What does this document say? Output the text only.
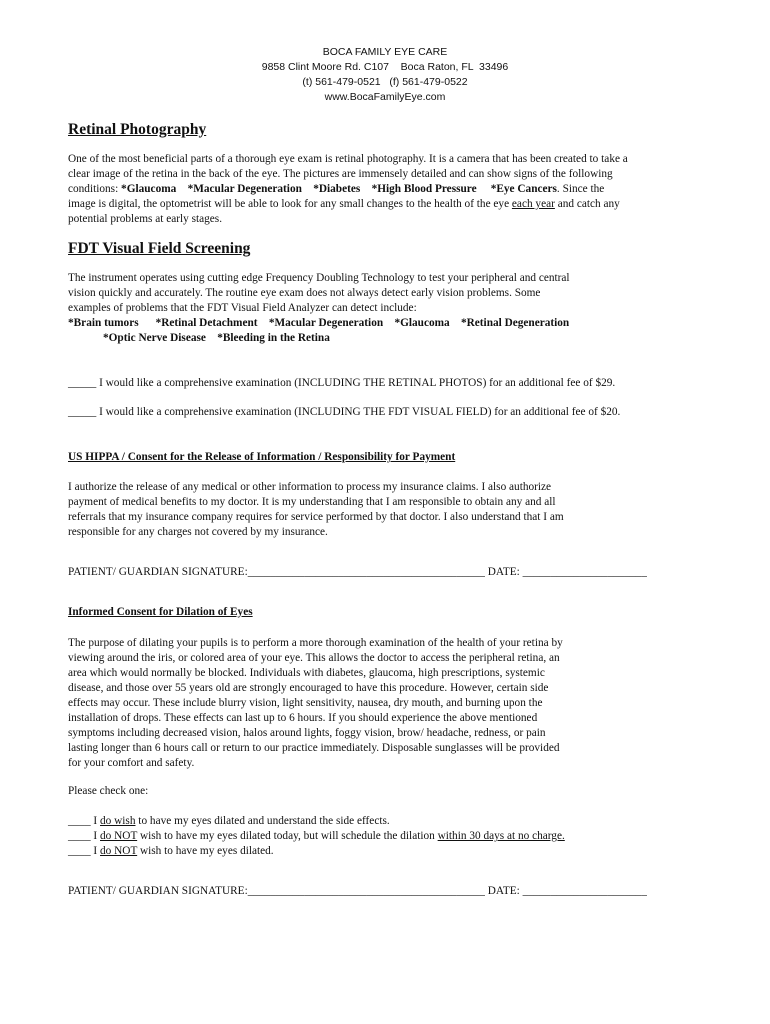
BOCA FAMILY EYE CARE
9858 Clint Moore Rd. C107    Boca Raton, FL  33496
(t) 561-479-0521   (f) 561-479-0522
www.BocaFamilyEye.com
Retinal Photography
One of the most beneficial parts of a thorough eye exam is retinal photography. It is a camera that has been created to take a
clear image of the retina in the back of the eye. The pictures are immensely detailed and can show signs of the following
conditions: *Glaucoma *Macular Degeneration *Diabetes *High Blood Pressure *Eye Cancers. Since the
image is digital, the optometrist will be able to look for any small changes to the health of the eye each year and catch any
potential problems at early stages.
FDT Visual Field Screening
The instrument operates using cutting edge Frequency Doubling Technology to test your peripheral and central
vision quickly and accurately. The routine eye exam does not always detect early vision problems. Some
examples of problems that the FDT Visual Field Analyzer can detect include:
*Brain tumors *Retinal Detachment *Macular Degeneration *Glaucoma *Retinal Degeneration
*Optic Nerve Disease *Bleeding in the Retina
_____ I would like a comprehensive examination (INCLUDING THE RETINAL PHOTOS) for an additional fee of $29.
_____ I would like a comprehensive examination (INCLUDING THE FDT VISUAL FIELD) for an additional fee of $20.
US HIPPA / Consent for the Release of Information / Responsibility for Payment
I authorize the release of any medical or other information to process my insurance claims. I also authorize
payment of medical benefits to my doctor. It is my understanding that I am responsible to obtain any and all
referrals that my insurance company requires for service performed by that doctor. I also understand that I am
responsible for any charges not covered by my insurance.
PATIENT/ GUARDIAN SIGNATURE:__________________________________________ DATE: ______________________
Informed Consent for Dilation of Eyes
The purpose of dilating your pupils is to perform a more thorough examination of the health of your retina by
viewing around the iris, or colored area of your eye. This allows the doctor to access the peripheral retina, an
area which would normally be blocked. Individuals with diabetes, glaucoma, high prescriptions, systemic
disease, and those over 55 years old are strongly encouraged to have this procedure. However, certain side
effects may occur. These include blurry vision, light sensitivity, nausea, dry mouth, and burning upon the
installation of drops. These effects can last up to 6 hours. If you should experience the above mentioned
symptoms including decreased vision, halos around lights, foggy vision, brow/ headache, redness, or pain
lasting longer than 6 hours call or return to our practice immediately. Disposable sunglasses will be provided
for your comfort and safety.
Please check one:
____ I do wish to have my eyes dilated and understand the side effects.
____ I do NOT wish to have my eyes dilated today, but will schedule the dilation within 30 days at no charge.
____ I do NOT wish to have my eyes dilated.
PATIENT/ GUARDIAN SIGNATURE:__________________________________________ DATE: ______________________
